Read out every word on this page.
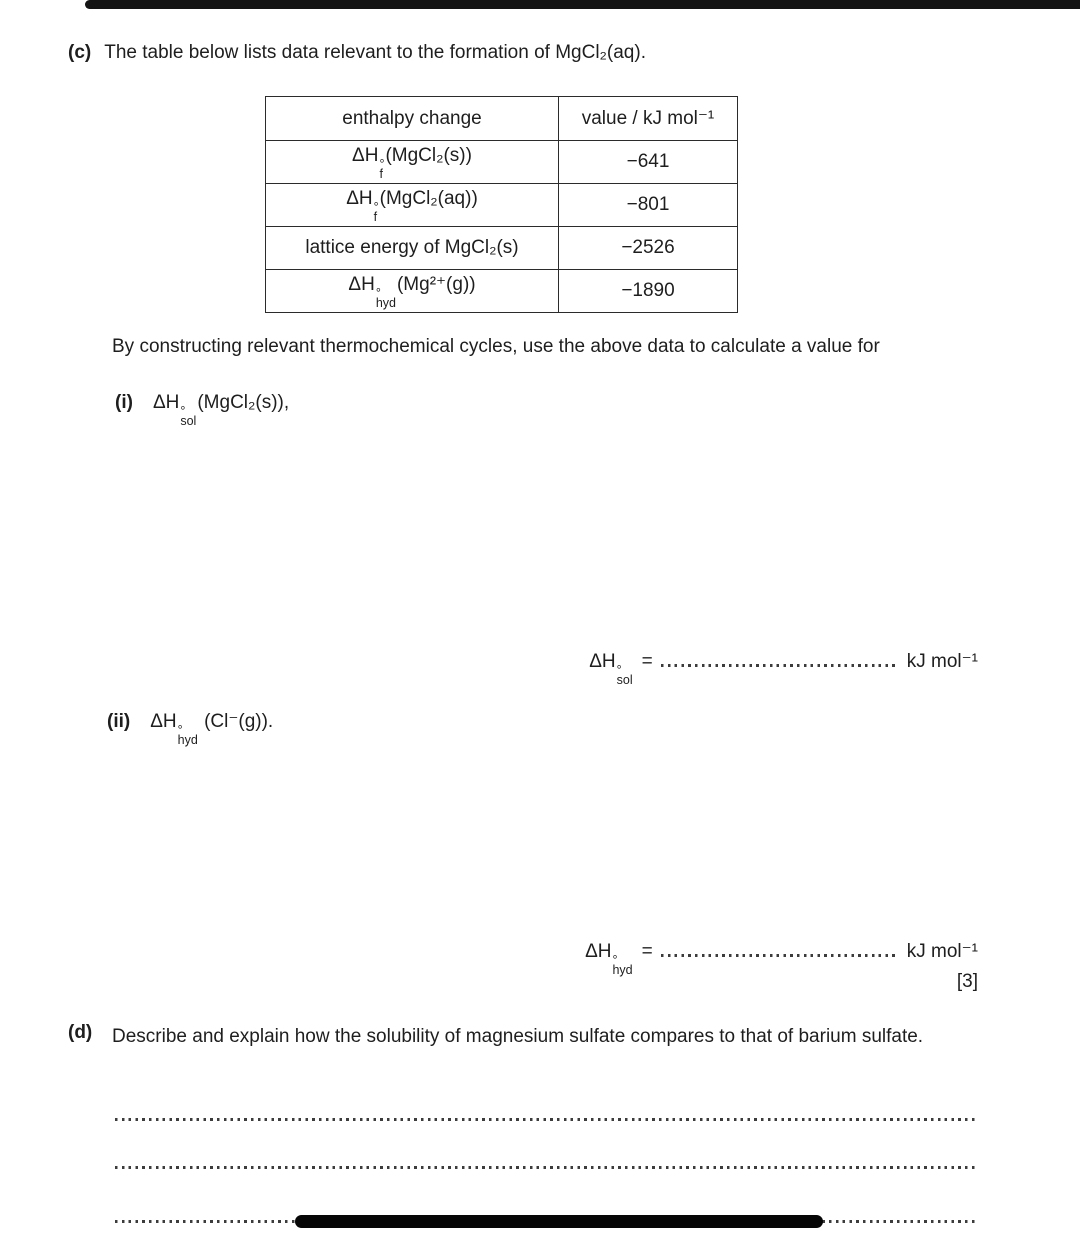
(c) The table below lists data relevant to the formation of MgCl₂(aq).
enthalpy change	value / kJ mol⁻¹
ΔH °
f
(MgCl₂(s))	−641
ΔH °
f
(MgCl₂(aq))	−801
lattice energy of MgCl₂(s)	−2526
ΔH °
hyd
(Mg²⁺(g))	−1890
By constructing relevant thermochemical cycles, use the above data to calculate a value for
(i) ΔH °
sol
(MgCl₂(s)),
ΔH °
sol
=	kJ mol⁻¹
(ii) ΔH °
hyd
(Cl⁻(g)).
ΔH °
hyd
=	kJ mol⁻¹
[3]
(d)	Describe and explain how the solubility of magnesium sulfate compares to that of barium sulfate.
